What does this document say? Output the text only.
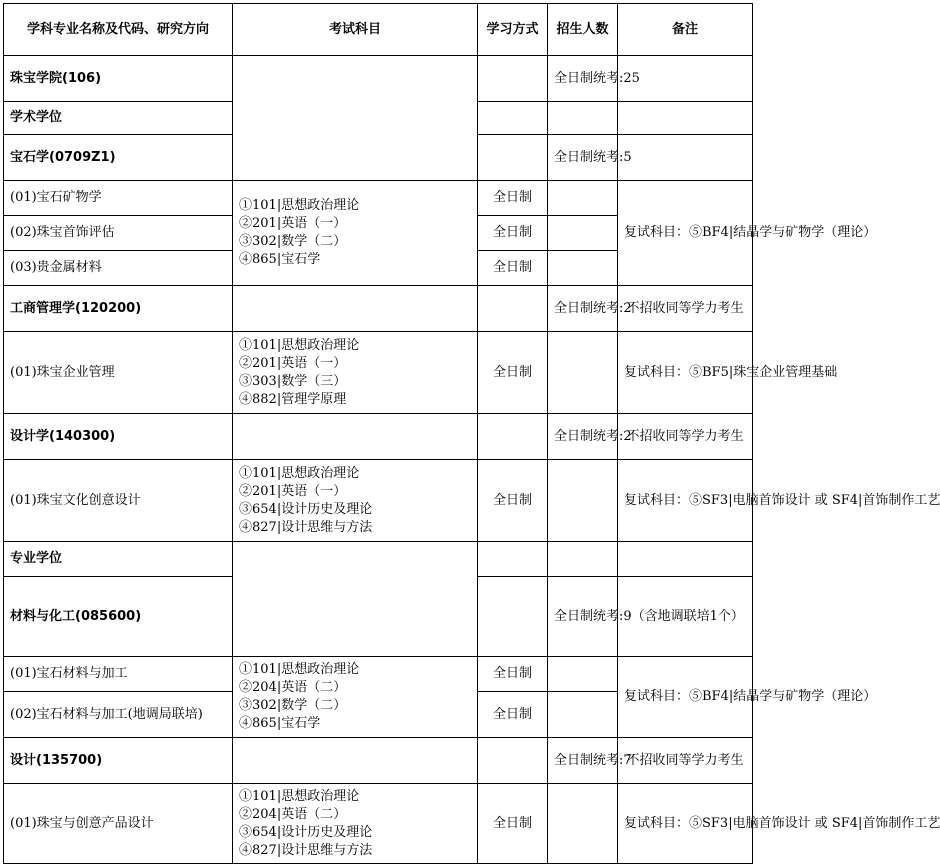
学科专业名称及代码、研究方向	考试科目	学习方式	招生人数	备注
珠宝学院(106)			全日制统考:25	
学术学位				
宝石学(0709Z1)			全日制统考:5	
(01)宝石矿物学	①101|思想政治理论
②201|英语（一）
③302|数学（二）
④865|宝石学	全日制		复试科目：⑤BF4|结晶学与矿物学（理论）
(02)珠宝首饰评估		全日制		
(03)贵金属材料		全日制		
工商管理学(120200)			全日制统考:2	不招收同等学力考生
(01)珠宝企业管理	①101|思想政治理论
②201|英语（一）
③303|数学（三）
④882|管理学原理	全日制		复试科目：⑤BF5|珠宝企业管理基础
设计学(140300)			全日制统考:2	不招收同等学力考生
(01)珠宝文化创意设计	①101|思想政治理论
②201|英语（一）
③654|设计历史及理论
④827|设计思维与方法	全日制		复试科目：⑤SF3|电脑首饰设计 或 SF4|首饰制作工艺
专业学位				
材料与化工(085600)			全日制统考:9（含地调联培1个）	
(01)宝石材料与加工	①101|思想政治理论
②204|英语（二）
③302|数学（二）
④865|宝石学	全日制		复试科目：⑤BF4|结晶学与矿物学（理论）
(02)宝石材料与加工(地调局联培)		全日制		
设计(135700)			全日制统考:7	不招收同等学力考生
(01)珠宝与创意产品设计	①101|思想政治理论
②204|英语（二）
③654|设计历史及理论
④827|设计思维与方法	全日制		复试科目：⑤SF3|电脑首饰设计 或 SF4|首饰制作工艺
